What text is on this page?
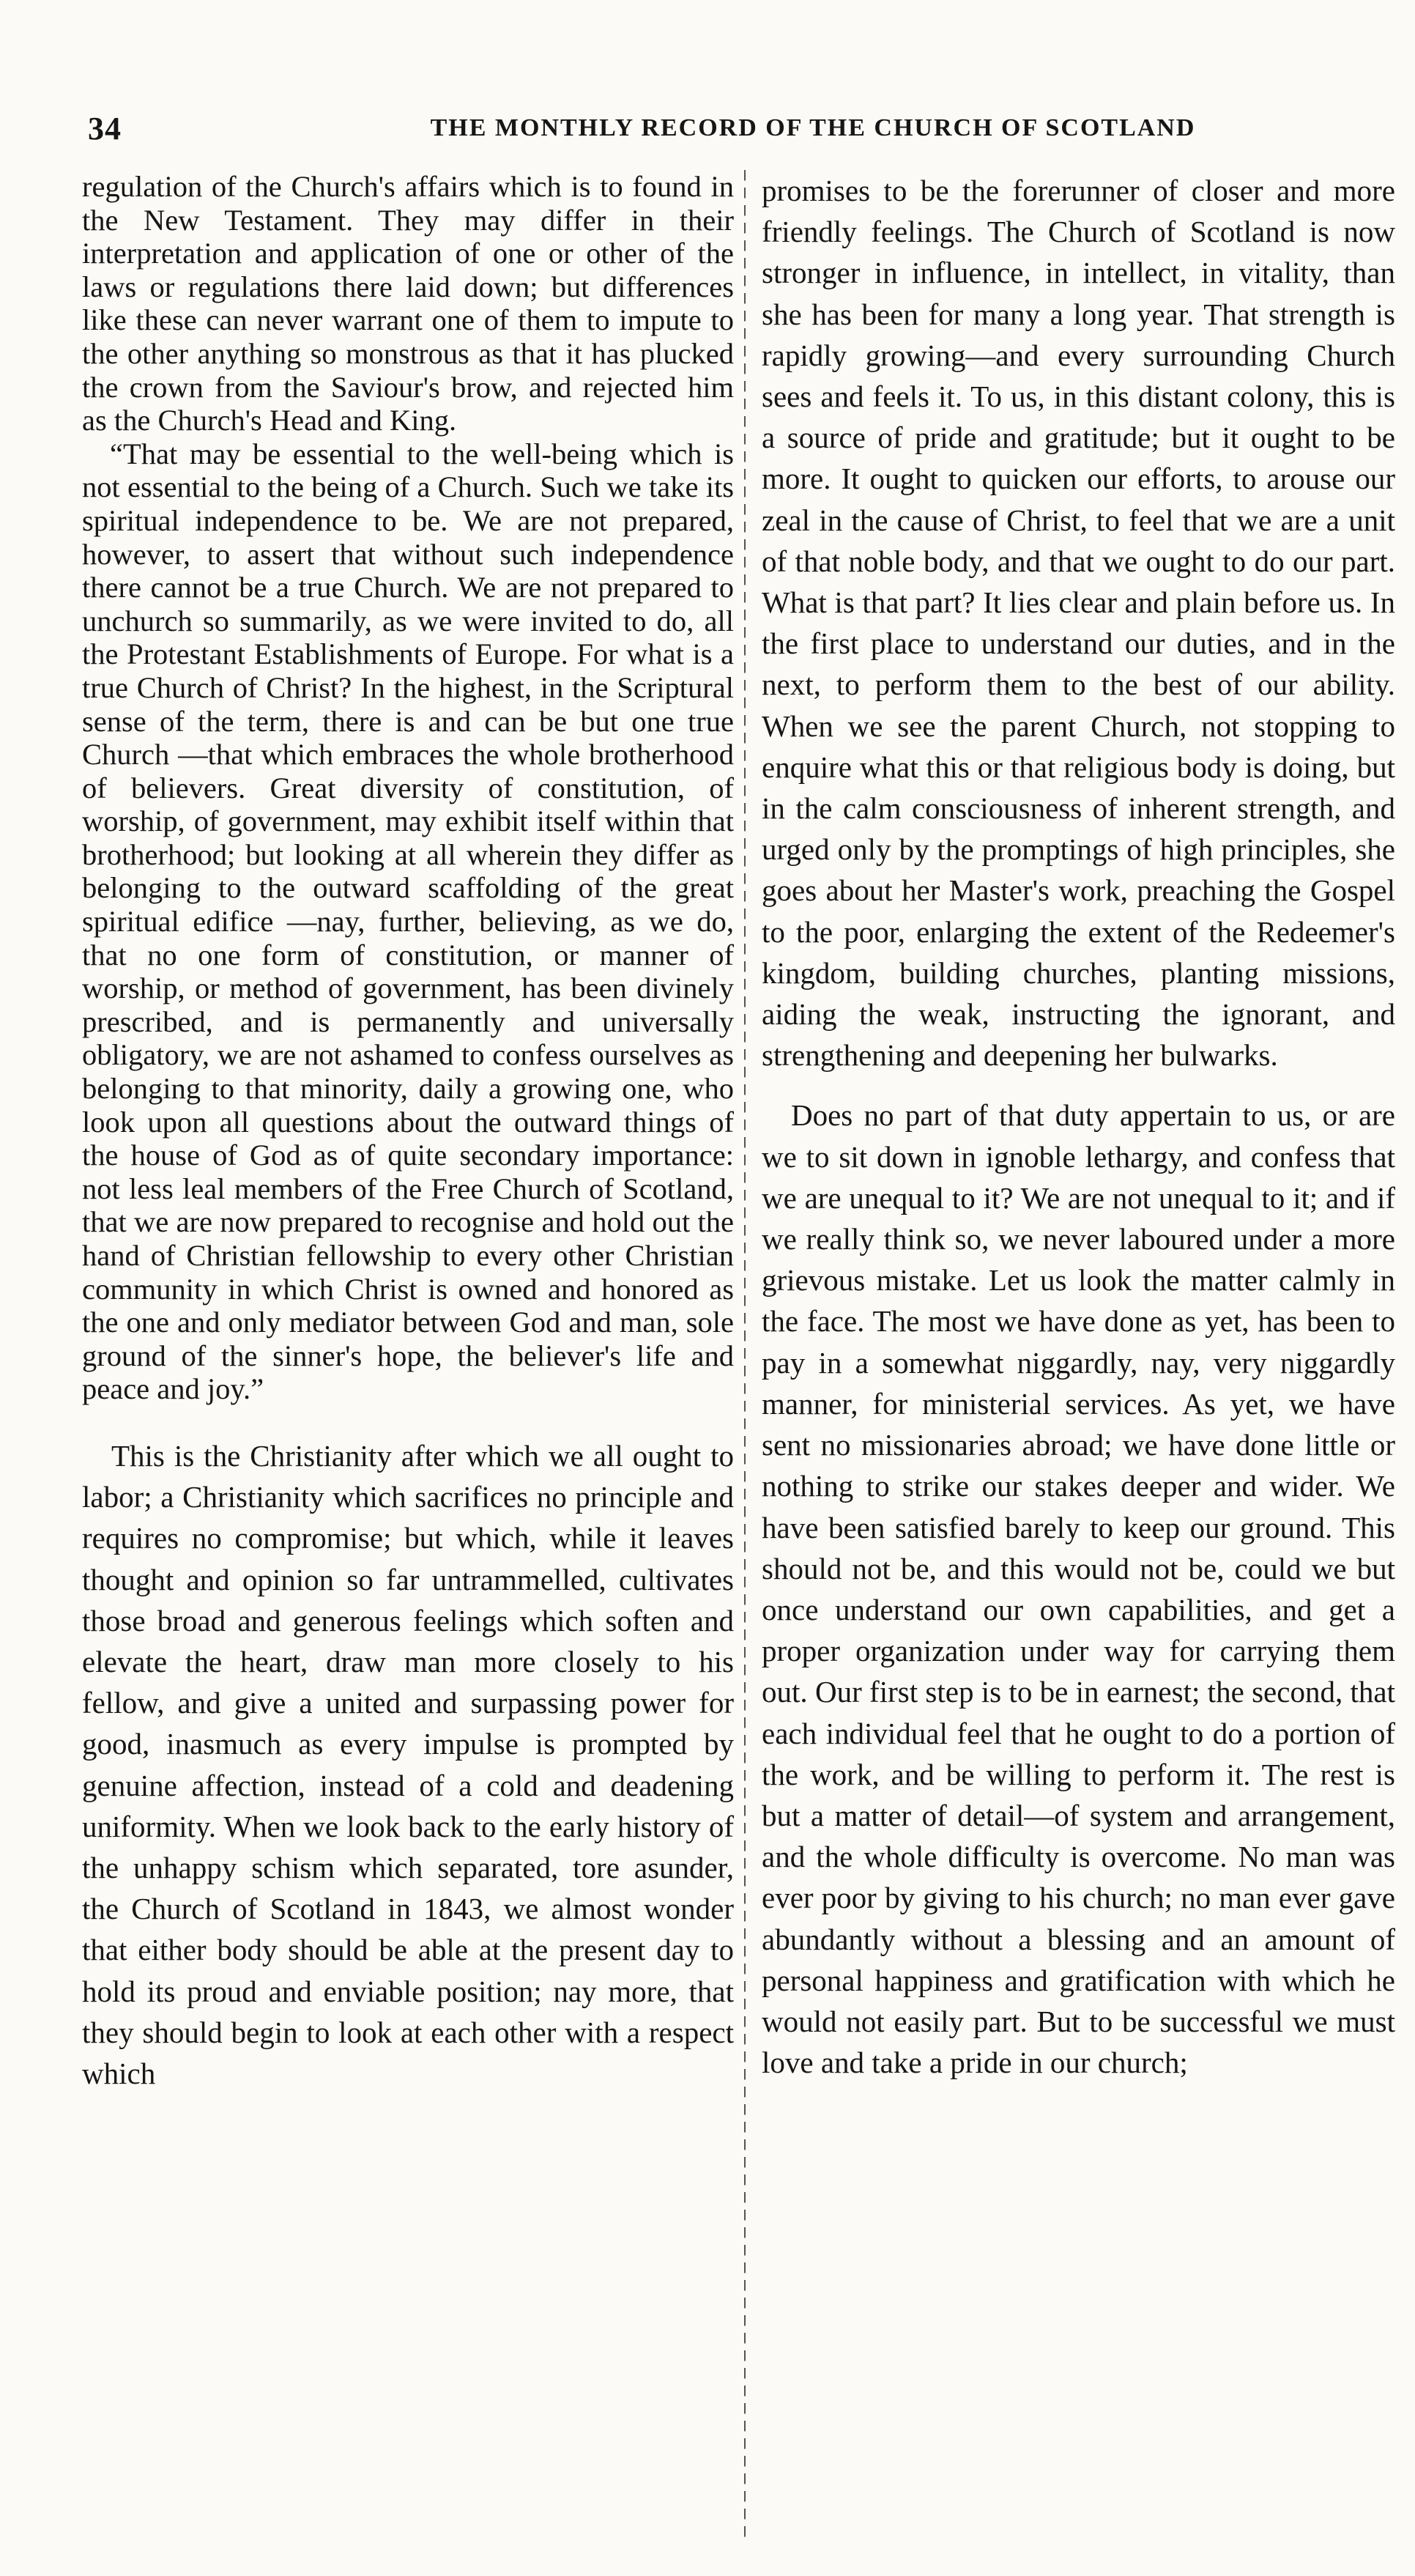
34	THE MONTHLY RECORD OF THE CHURCH OF SCOTLAND

regulation of the Church's affairs which is to found in the New Testament. They may differ in their interpretation and application of one or other of the laws or regulations there laid down; but differences like these can never warrant one of them to impute to the other anything so monstrous as that it has plucked the crown from the Saviour's brow, and rejected him as the Church's Head and King.

“That may be essential to the well-being which is not essential to the being of a Church. Such we take its spiritual independence to be. We are not prepared, however, to assert that without such independence there cannot be a true Church. We are not prepared to unchurch so summarily, as we were invited to do, all the Protestant Establishments of Europe. For what is a true Church of Christ? In the highest, in the Scriptural sense of the term, there is and can be but one true Church —that which embraces the whole brotherhood of believers. Great diversity of constitution, of worship, of government, may exhibit itself within that brotherhood; but looking at all wherein they differ as belonging to the outward scaffolding of the great spiritual edifice —nay, further, believing, as we do, that no one form of constitution, or manner of worship, or method of government, has been divinely prescribed, and is permanently and universally obligatory, we are not ashamed to confess ourselves as belonging to that minority, daily a growing one, who look upon all questions about the outward things of the house of God as of quite secondary importance: not less leal members of the Free Church of Scotland, that we are now prepared to recognise and hold out the hand of Christian fellowship to every other Christian community in which Christ is owned and honored as the one and only mediator between God and man, sole ground of the sinner's hope, the believer's life and peace and joy.”

This is the Christianity after which we all ought to labor; a Christianity which sacrifices no principle and requires no compromise; but which, while it leaves thought and opinion so far untrammelled, cultivates those broad and generous feelings which soften and elevate the heart, draw man more closely to his fellow, and give a united and surpassing power for good, inasmuch as every impulse is prompted by genuine affection, instead of a cold and deadening uniformity. When we look back to the early history of the unhappy schism which separated, tore asunder, the Church of Scotland in 1843, we almost wonder that either body should be able at the present day to hold its proud and enviable position; nay more, that they should begin to look at each other with a respect which

promises to be the forerunner of closer and more friendly feelings. The Church of Scotland is now stronger in influence, in intellect, in vitality, than she has been for many a long year. That strength is rapidly growing—and every surrounding Church sees and feels it. To us, in this distant colony, this is a source of pride and gratitude; but it ought to be more. It ought to quicken our efforts, to arouse our zeal in the cause of Christ, to feel that we are a unit of that noble body, and that we ought to do our part. What is that part? It lies clear and plain before us. In the first place to understand our duties, and in the next, to perform them to the best of our ability. When we see the parent Church, not stopping to enquire what this or that religious body is doing, but in the calm consciousness of inherent strength, and urged only by the promptings of high principles, she goes about her Master's work, preaching the Gospel to the poor, enlarging the extent of the Redeemer's kingdom, building churches, planting missions, aiding the weak, instructing the ignorant, and strengthening and deepening her bulwarks.

Does no part of that duty appertain to us, or are we to sit down in ignoble lethargy, and confess that we are unequal to it? We are not unequal to it; and if we really think so, we never laboured under a more grievous mistake. Let us look the matter calmly in the face. The most we have done as yet, has been to pay in a somewhat niggardly, nay, very niggardly manner, for ministerial services. As yet, we have sent no missionaries abroad; we have done little or nothing to strike our stakes deeper and wider. We have been satisfied barely to keep our ground. This should not be, and this would not be, could we but once understand our own capabilities, and get a proper organization under way for carrying them out. Our first step is to be in earnest; the second, that each individual feel that he ought to do a portion of the work, and be willing to perform it. The rest is but a matter of detail—of system and arrangement, and the whole difficulty is overcome. No man was ever poor by giving to his church; no man ever gave abundantly without a blessing and an amount of personal happiness and gratification with which he would not easily part. But to be successful we must love and take a pride in our church;
